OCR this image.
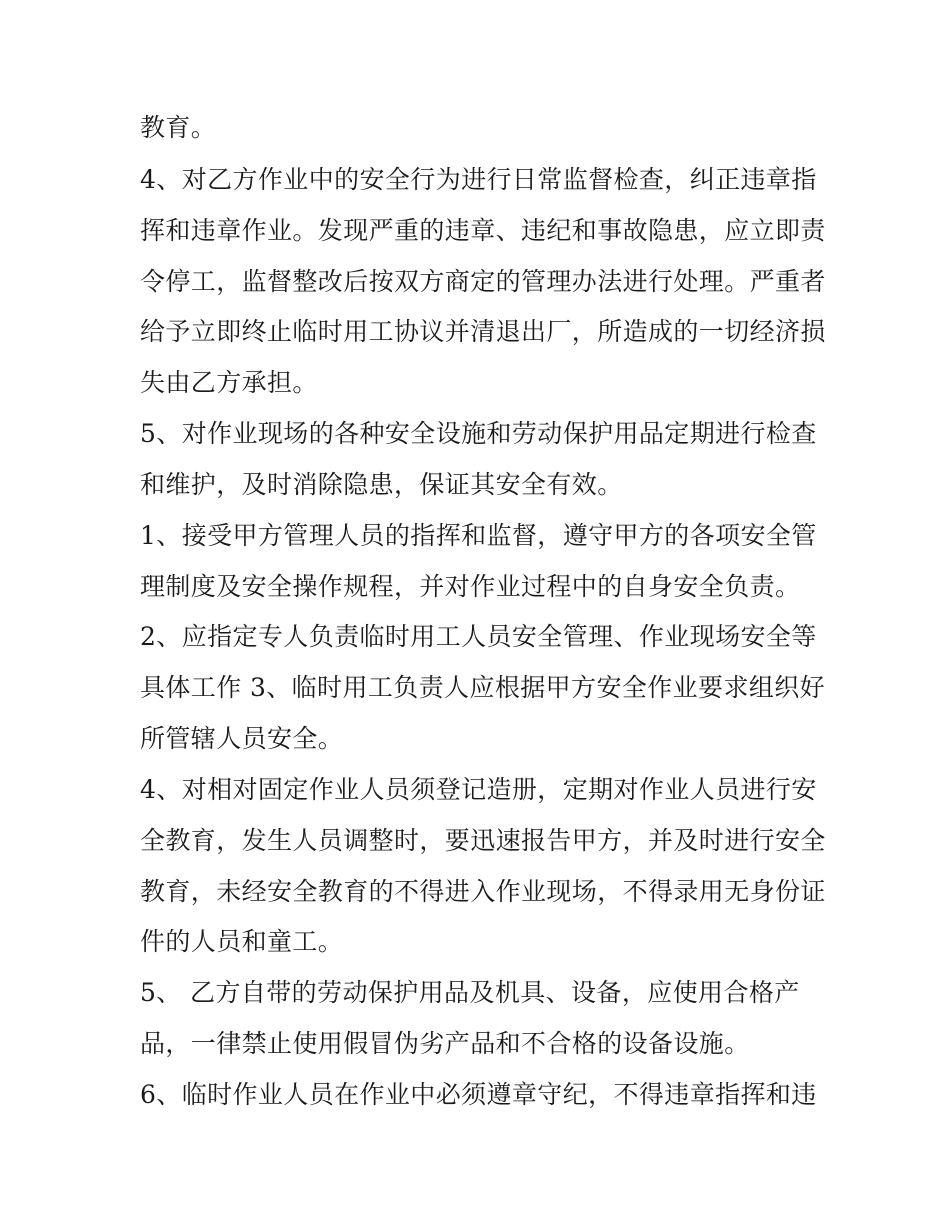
教育。
4、对乙方作业中的安全行为进行日常监督检查，纠正违章指
挥和违章作业。发现严重的违章、违纪和事故隐患，应立即责
令停工，监督整改后按双方商定的管理办法进行处理。严重者
给予立即终止临时用工协议并清退出厂，所造成的一切经济损
失由乙方承担。
5、对作业现场的各种安全设施和劳动保护用品定期进行检查
和维护，及时消除隐患，保证其安全有效。
1、接受甲方管理人员的指挥和监督，遵守甲方的各项安全管
理制度及安全操作规程，并对作业过程中的自身安全负责。
2、应指定专人负责临时用工人员安全管理、作业现场安全等
具体工作 3、临时用工负责人应根据甲方安全作业要求组织好
所管辖人员安全。
4、对相对固定作业人员须登记造册，定期对作业人员进行安
全教育，发生人员调整时，要迅速报告甲方，并及时进行安全
教育，未经安全教育的不得进入作业现场，不得录用无身份证
件的人员和童工。
5、 乙方自带的劳动保护用品及机具、设备，应使用合格产
品，一律禁止使用假冒伪劣产品和不合格的设备设施。
6、临时作业人员在作业中必须遵章守纪，不得违章指挥和违
